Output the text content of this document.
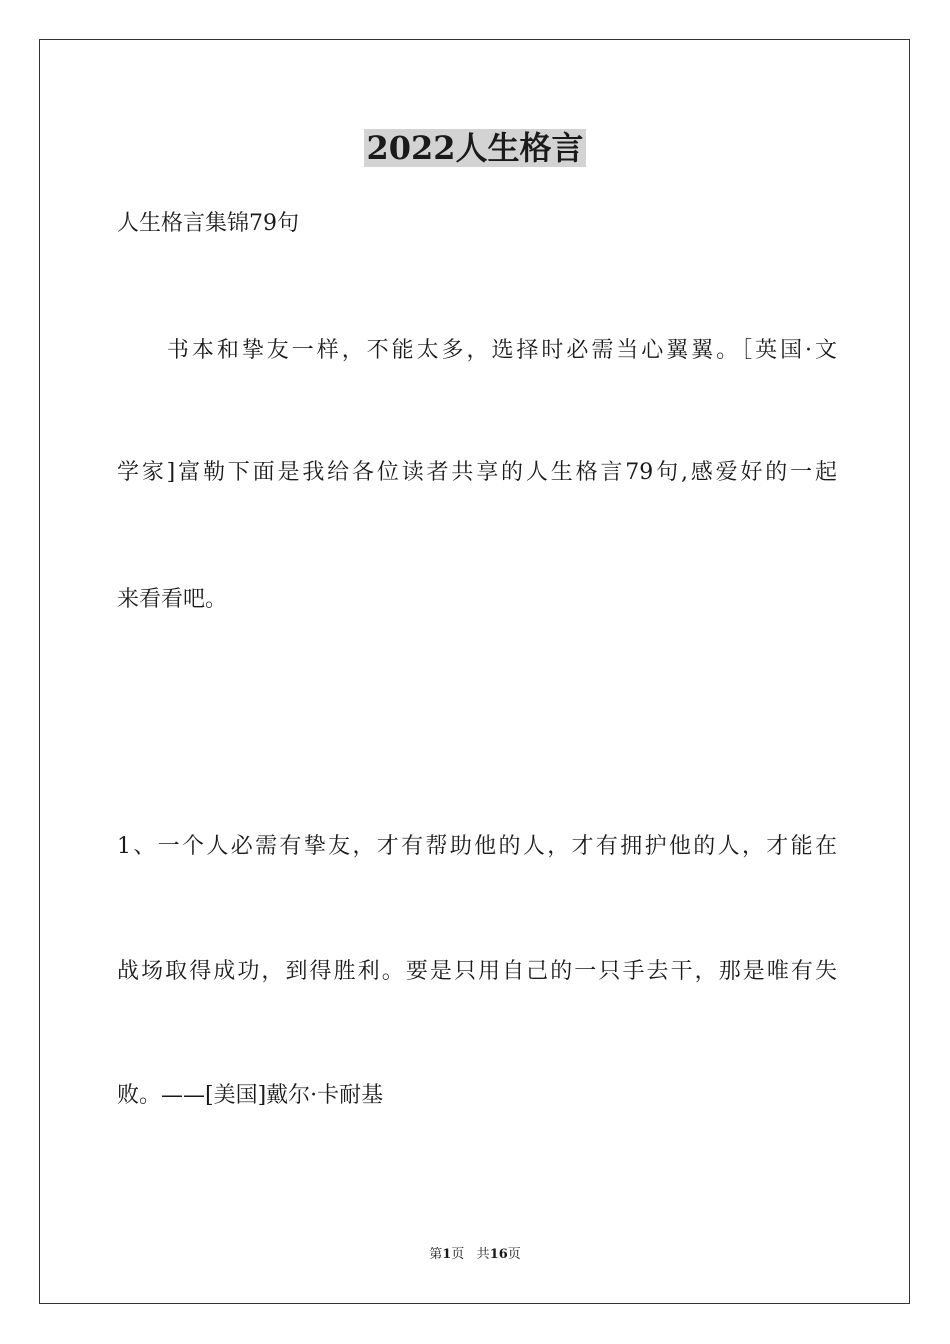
2022人生格言
人生格言集锦79句
　　书本和挚友一样，不能太多，选择时必需当心翼翼。［英国·文
学家]富勒下面是我给各位读者共享的人生格言79句,感爱好的一起
来看看吧。
1、一个人必需有挚友，才有帮助他的人，才有拥护他的人，才能在
战场取得成功，到得胜利。要是只用自己的一只手去干，那是唯有失
败。——[美国]戴尔·卡耐基
第1页 共16页
